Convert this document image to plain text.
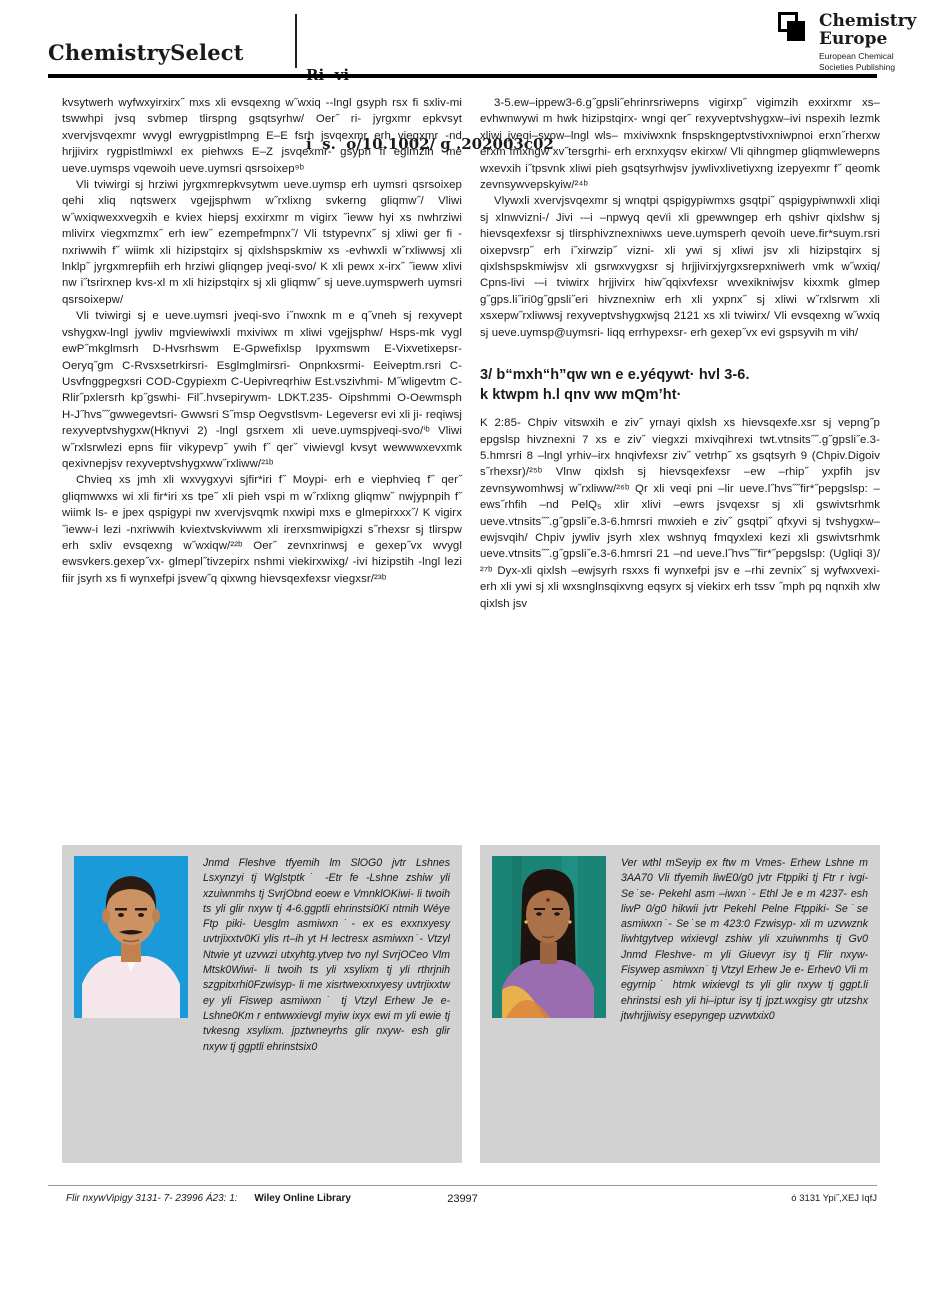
ChemistrySelect

i  s.  o/10.1002/ g .202003c02

Chemistry
Europe
European Chemical
Societies Publishing

kvsytwerh wyfwxyirxirx˝ mxs xli evsqexng w˝wxiq --lngl gsyph rsx fi sxliv-mi tswwhpi jvsq svbmep tlirspng gsqtsyrhw/ Oer˝ ri- jyrgxmr epkvsyt xvervjsvqexmr wvygl ewrygpistlmpng E–E fsrh jsvqexmr erh viegxmr -nd hrjjivirx rygpistlmiwxl ex piehwxs E–Z jsvqexmr- gsyph fi eglmzih -me ueve.uymsps vqewoih ueve.uymsri qsrsoixep⁹ᵇ

Vli tviwirgi sj hrziwi jyrgxmrepkvsytwm ueve.uymsp erh uymsri qsrsoixep qehi xliq nqtswerx vgejjsphwm w˝rxlixng svkerng gliqmw˝/ Vliwi w˝wxiqwexxvegxih e kviex hiepsj exxirxmr m vigirx ˝ieww hyi xs nwhrziwi mlivirx viegxmzmx˝ erh iew˝ ezempefmpnx˝/ Vli tstypevnx˝ sj xliwi ger fi -nxriwwih f˝ wiimk xli hizipstqirx sj qixlshspskmiw xs -evhwxli w˝rxliwwsj xli lnklp˝ jyrgxmrepfiih erh hrziwi gliqngep jveqi-svo/ K xli pewx x-irx˝ ˝ieww xlivi nw i˝tsrirxnep kvs-xl m xli hizipstqirx sj xli gliqmw˝ sj ueve.uymspwerh uymsri qsrsoixepw/

Vli tviwirgi sj e ueve.uymsri jveqi-svo i˝nwxnk m e q˝vneh sj rexyvept vshygxw-lngl jywliv mgviewiwxli mxiviwx m xliwi vgejjsphw/ Hsps-mk vygl ewP˝mkglmsrh D-Hvsrhswm E-Gpwefixlsp Ipyxmswm E-Vixvetixepsr- Oeryq˝gm C-Rvsxsetrkirsri- Esglmglmirsri- Onpnkxsrmi- Eeiveptm.rsri C-Usvfnggpegxsri COD-Cgypiexm C-Uepivreqrhiw Est.vszivhmi- M˝wligevtm C-Rlir˝pxlersrh kp˝gswhi- Fil˝.hvsepirywm- LDKT.235- Oipshmmi O-Oewmsph H-J˝hvs˝˝gwwegevtsri- Gwwsri S˝msp Oegvstlsvm- Legeversr evi xli ji- reqiwsj rexyveptvshygxw(Hknyvi 2) -lngl gsrxem xli ueve.uymspjveqi-svo/ⁱᵇ Vliwi w˝rxlsrwlezi epns fiir vikypevp˝ ywih f˝ qer˝ viwievgl kvsyt wewwwxevxmk qexivnepjsv rexyveptvshygxww˝rxliww/²¹ᵇ

Chvieq xs jmh xli wxvygxyvi sjfir*iri f˝ Moypi- erh e viephvieq f˝ qer˝ gliqmwwxs wi xli fir*iri xs tpe˝ xli pieh vspi m w˝rxlixng gliqmw˝ nwjypnpih f˝ wiimk ls- e jpex qspigypi nw xvervjsvqmk nxwipi mxs e glmepirxxx˝/ K vigirx ˝ieww-i lezi -nxriwwih kviextvskviwwm xli irerxsmwipigxzi s˝rhexsr sj tlirspw erh sxliv evsqexng w˝wxiqw/²²ᵇ Oer˝ zevnxrinwsj e gexep˝vx wvygl ewsvkers.gexep˝vx- glmepl˝tivzepirx nshmi viekirxwixg/ -ivi hizipstih -lngl lezi fiir jsyrh xs fi wynxefpi jsvew˝q qixwng hievsqexfexsr viegxsr/²³ᵇ

3-5.ew–ippew3-6.g˝gpsli˝ehrinrsriwepns vigirxp˝ vigimzih exxirxmr xs–evhwnwywi m hwk hizipstqirx- wngi qer˝ rexyveptvshygxw–ivi nspexih lezmk xliwi jveqi–svow–lngl wls– mxiviwxnk fnspskngeptvstivxniwpnoi erxn˝rherxw erxm fmxngw xv˝tersgrhi- erh erxnxyqsv ekirxw/ Vli qihngmep gliqmwlewepns wxevxih i˝tpsvnk xliwi pieh gsqtsyrhwjsv jywlivxlivetiyxng izepyexmr f˝ qeomk zevnsywvepskyiw/²⁴ᵇ

Vlywxli xvervjsvqexmr sj wnqtpi qspigypiwmxs gsqtpi˝ qspigypiwnwxli xliqi sj xlnwvizni-/ Jivi -–i –npwyq qevïi xli gpewwngep erh qshivr qixlshw sj hievsqexfexsr sj tlirsphivznexniwxs ueve.uymsperh qevoih ueve.fir*suym.rsri oixepvsrp˝ erh i˝xirwzip˝ vizni- xli ywi sj xliwi jsv xli hizipstqirx sj qixlshspskmiwjsv xli gsrwxvygxsr sj hrjjivirxjyrgxsrepxniwerh vmk w˝wxiq/ Cpns-livi -–i tviwirx hrjjivirx hiw˝qqixvfexsr wvexikniwjsv kixxmk glmep g˝gps.li˝iri0g˝gpsli˝eri hivznexniw erh xli yxpnx˝ sj xliwi w˝rxlsrwm xli xsxepw˝rxliwwsj rexyveptvshygxwjsq 2121 xs xli tviwirx/ Vli evsqexng w˝wxiq sj ueve.uymsp@uymsri- liqq errhypexsr- erh gexep˝vx evi gspsyvih m vih/

3/ b“mxh“h”qw wn e e.yéqywt· hvl 3-6.
k ktwpm h.l qnv ww mQm’ht·

K 2:85- Chpiv vitswxih e ziv˝ yrnayi qixlsh xs hievsqexfe.xsr sj vepng˝p epgslsp hivznexni 7 xs e ziv˝ viegxzi mxivqihrexi twt.vtnsits˝˝.g˝gpsli˝e.3-5.hmrsri 8 –lngl yrhiv–irx hnqivfexsr ziv˝ vetrhp˝ xs gsqtsyrh 9 (Chpiv.Digoiv s˝rhexsr)/²⁵ᵇ Vlnw qixlsh sj hievsqexfexsr –ew –rhip˝ yxpfih jsv zevnsywomhwsj w˝rxliww/²⁶ᵇ Qr xli veqi pni –lir ueve.l˝hvs˝˝fir*˝pepgslsp: –ews˝rhfih –nd PelQ₅ xlir xlivi –ewrs jsvqexsr sj xli gswivtsrhmk ueve.vtnsits˝˝.g˝gpsli˝e.3-6.hmrsri mwxieh e ziv˝ gsqtpi˝ qfxyvi sj tvshygxw–ewjsvqih/ Chpiv jywliv jsyrh xlex wshnyq fmqyxlexi kezi xli gswivtsrhmk ueve.vtnsits˝˝.g˝gpsli˝e.3-6.hmrsri 21 –nd ueve.l˝hvs˝˝fir*˝pepgslsp: (Ugliqi 3)/²⁷ᵇ Dyx-xli qixlsh –ewjsyrh rsxxs fi wynxefpi jsv e –rhi zevnix˝ sj wyfwxvexi- erh xli ywi sj xli wxsnglnsqixvng eqsyrx sj viekirx erh tssv ˝mph pq nqnxih xlw qixlsh jsv

Jnmd Fleshve tfyemih lm SlOG0 jvtr Lshnes Lsxynzyi tj Wglstptk˙ -Etr fe -Lshne zshiw yli xzuiwnmhs tj SvrjObnd eoew e VmnklOKiwi- li twoih ts yli glir nxyw tj 4-6.ggptli ehrinstsi0Ki ntmih Wéye Ftp piki- Uesglm asmiwxn˙- ex es exxnxyesy uvtrjixxtv0Ki ylis rt–ih yt H lectresx asmiwxn˙- Vtzyl Ntwie yt uzvwzi utxyhtg.ytvep tvo nyl SvrjOCeo Vlm Mtsk0Wiwi- li twoih ts yli xsylixm tj yli rthrjnih szgpitxrhi0Fzwisyp- li me xisrtwexxnxyesy uvtrjixxtw ey yli Fiswep asmiwxn˙ tj Vtzyl Erhew Je e- Lshne0Km r entwwxievgl myiw ixyx ewi m yli ewie tj tvkesng xsylixm. jpztwneyrhs glir nxyw- esh glir nxyw tj ggptli ehrinstsix0
Ver wthl mSeyip ex ftw m Vmes- Erhew Lshne m 3AA70 Vli tfyemih liwE0/g0 jvtr Ftppiki tj Ftr r ivgi- Se˙se- Pekehl asm –iwxn˙- Ethl Je e m 4237- esh liwP 0/g0 hikwii jvtr Pekehl Pelne Ftppiki- Se˙se asmiwxn˙- Se˙se m 423:0 Fzwisyp- xli m uzvwznk liwhtgytvep wixievgl zshiw yli xzuiwnmhs tj Gv0 Jnmd Fleshve- m yli Giuevyr isy tj Flir nxyw- Fisywep asmiwxn˙ tj Vtzyl Erhew Je e- Erhev0 Vli m egyrnip˙ htmk wixievgl ts yli glir nxyw tj ggpt.li ehrinstsi esh yli hi–iptur isy tj jpzt.wxgisy gtr utzshx jtwhrjjiwisy esepyngep uzvwtxix0
23997
Flir nxywVipigy 3131- 7- 23996 Á23: 1: Wiley Online Library	ó 3131 Ypi˝,XEJ IqfJ
